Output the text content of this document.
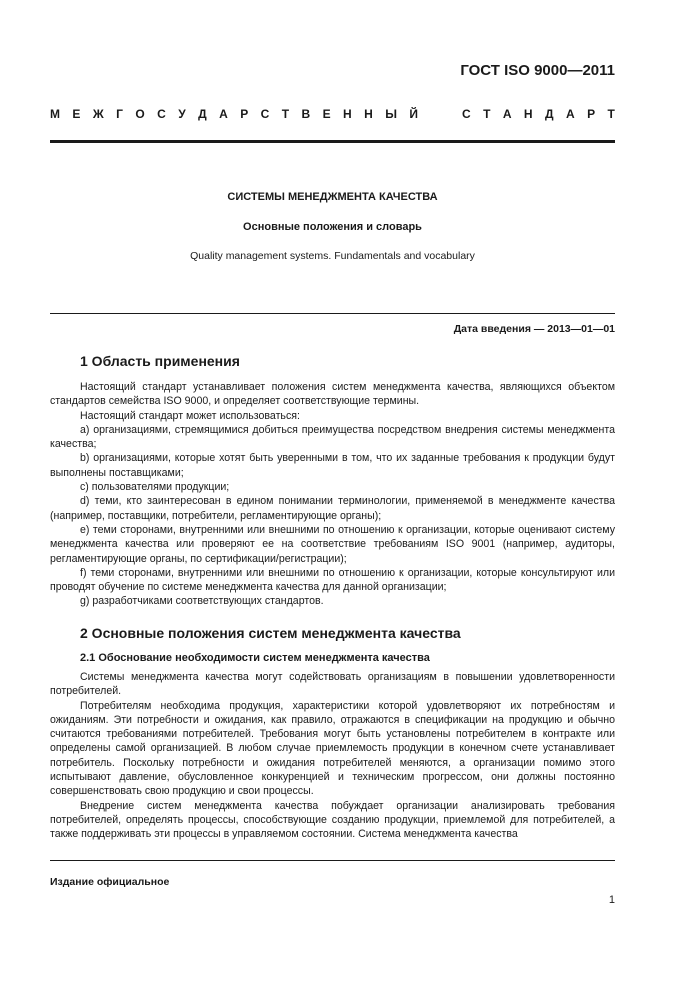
ГОСТ ISO 9000—2011
М Е Ж Г О С У Д А Р С Т В Е Н Н Ы Й

	С Т А Н Д А Р Т
СИСТЕМЫ МЕНЕДЖМЕНТА КАЧЕСТВА
Основные положения и словарь
Quality management systems. Fundamentals and vocabulary
Дата введения — 2013—01—01
1 Область применения

Настоящий стандарт устанавливает положения систем менеджмента качества, являющихся объектом стандартов семейства ISO 9000, и определяет соответствующие термины.

Настоящий стандарт может использоваться:

а) организациями, стремящимися добиться преимущества посредством внедрения системы менеджмента качества;

b) организациями, которые хотят быть уверенными в том, что их заданные требования к продукции будут выполнены поставщиками;

c) пользователями продукции;

d) теми, кто заинтересован в едином понимании терминологии, применяемой в менеджменте качества (например, поставщики, потребители, регламентирующие органы);

e) теми сторонами, внутренними или внешними по отношению к организации, которые оценивают систему менеджмента качества или проверяют ее на соответствие требованиям ISO 9001 (например, аудиторы, регламентирующие органы, по сертификации/регистрации);

f) теми сторонами, внутренними или внешними по отношению к организации, которые консультируют или проводят обучение по системе менеджмента качества для данной организации;

g) разработчиками соответствующих стандартов.

2 Основные положения систем менеджмента качества
2.1 Обоснование необходимости систем менеджмента качества

Системы менеджмента качества могут содействовать организациям в повышении удовлетворенности потребителей.

Потребителям необходима продукция, характеристики которой удовлетворяют их потребностям и ожиданиям. Эти потребности и ожидания, как правило, отражаются в спецификации на продукцию и обычно считаются требованиями потребителей. Требования могут быть установлены потребителем в контракте или определены самой организацией. В любом случае приемлемость продукции в конечном счете устанавливает потребитель. Поскольку потребности и ожидания потребителей меняются, а организации помимо этого испытывают давление, обусловленное конкуренцией и техническим прогрессом, они должны постоянно совершенствовать свою продукцию и свои процессы.

Внедрение систем менеджмента качества побуждает организации анализировать требования потребителей, определять процессы, способствующие созданию продукции, приемлемой для потребителей, а также поддерживать эти процессы в управляемом состоянии. Система менеджмента качества

Издание официальное
1
